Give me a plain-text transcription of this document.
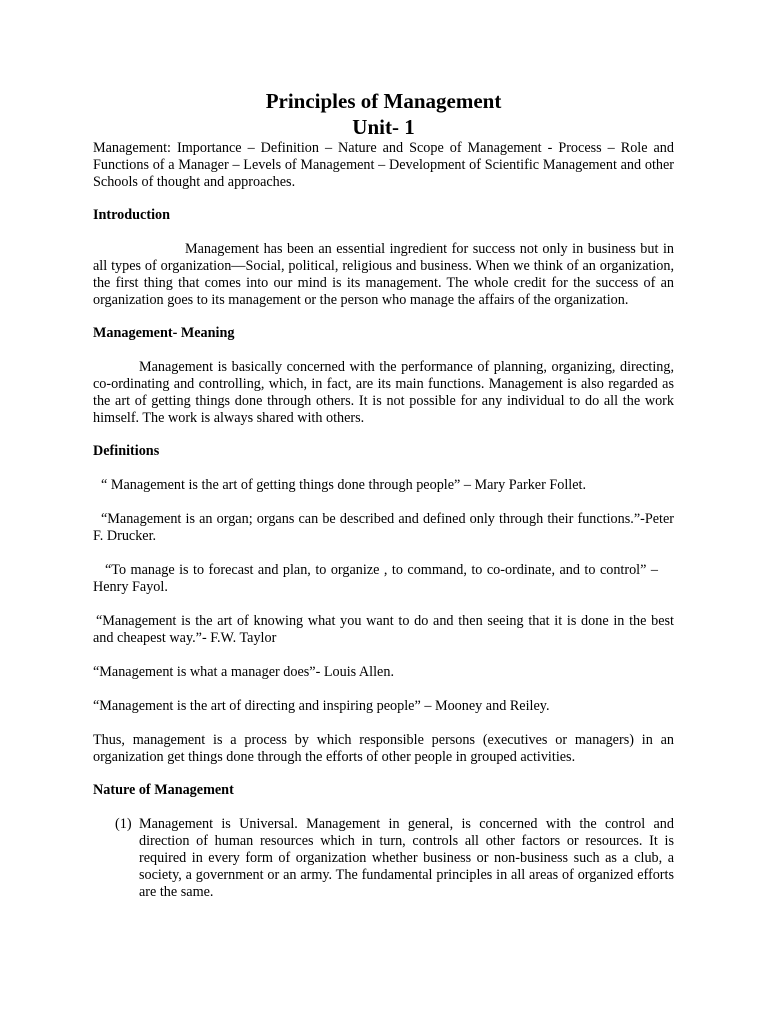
Principles of Management
Unit- 1

Management: Importance – Definition – Nature and Scope of Management - Process – Role and Functions of a Manager – Levels of Management – Development of Scientific Management and other Schools of thought and approaches.

Introduction

Management has been an essential ingredient for success not only in business but in all types of organization—Social, political, religious and business. When we think of an organization, the first thing that comes into our mind is its management. The whole credit for the success of an organization goes to its management or the person who manage the affairs of the organization.

Management- Meaning

Management is basically concerned with the performance of planning, organizing, directing, co-ordinating and controlling, which, in fact, are its main functions. Management is also regarded as the art of getting things done through others. It is not possible for any individual to do all the work himself. The work is always shared with others.

Definitions

“ Management is the art of getting things done through people” – Mary Parker Follet.

“Management is an organ; organs can be described and defined only through their functions.”-Peter F. Drucker.

“To manage is to forecast and plan, to organize , to command, to co-ordinate, and to control” –Henry Fayol.

“Management is the art of knowing what you want to do and then seeing that it is done in the best and cheapest way.”- F.W. Taylor

“Management is what a manager does”- Louis Allen.

“Management is the art of directing and inspiring people” – Mooney and Reiley.

Thus, management is a process by which responsible persons (executives or managers) in an organization get things done through the efforts of other people in grouped activities.

Nature of Management
(1) Management is Universal. Management in general, is concerned with the control and direction of human resources which in turn, controls all other factors or resources. It is required in every form of organization whether business or non-business such as a club, a society, a government or an army. The fundamental principles in all areas of organized efforts are the same.
